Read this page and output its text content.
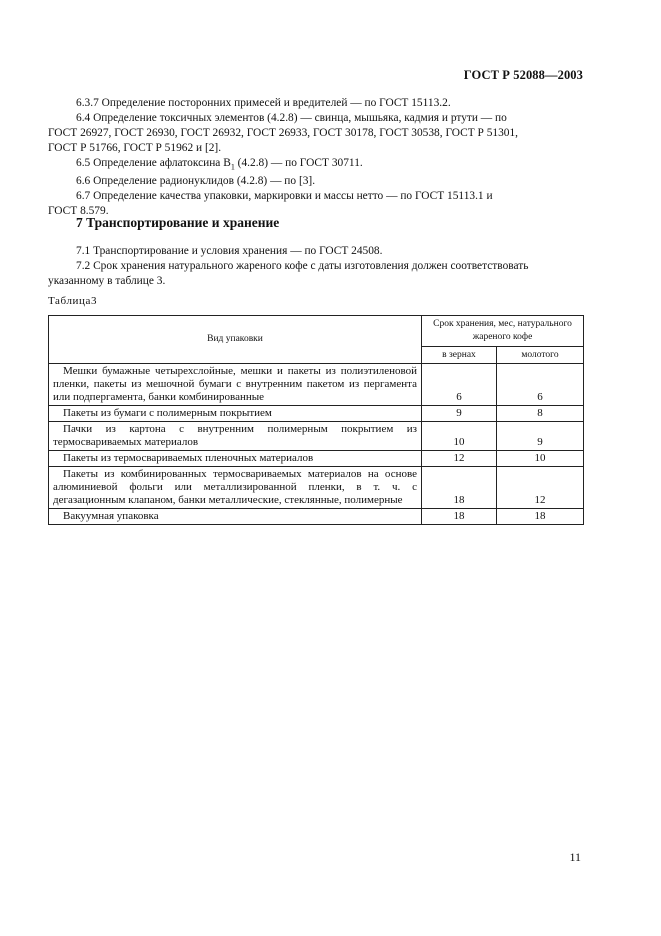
ГОСТ Р 52088—2003

6.3.7 Определение посторонних примесей и вредителей — по ГОСТ 15113.2.

6.4 Определение токсичных элементов (4.2.8) — свинца, мышьяка, кадмия и ртути — по

ГОСТ 26927, ГОСТ 26930, ГОСТ 26932, ГОСТ 26933, ГОСТ 30178, ГОСТ 30538, ГОСТ Р 51301,

ГОСТ Р 51766, ГОСТ Р 51962 и [2].

6.5 Определение афлатоксина $B_1$ (4.2.8) — по ГОСТ 30711.

6.6 Определение радионуклидов (4.2.8) — по [3].

6.7 Определение качества упаковки, маркировки и массы нетто — по ГОСТ 15113.1 и

ГОСТ 8.579.

7 Транспортирование и хранение

7.1 Транспортирование и условия хранения — по ГОСТ 24508.

7.2 Срок хранения натурального жареного кофе с даты изготовления должен соответствовать

указанному в таблице 3.

Таблица3
Вид упаковки	Срок хранения, мес, натурального жареного кофе	
	в зернах	молотого
Мешки бумажные четырехслойные, мешки и пакеты из полиэтиленовой пленки, пакеты из мешочной бумаги с внутренним пакетом из пергамента или подпергамента, банки комбинированные	6	6
Пакеты из бумаги с полимерным покрытием	9	8
Пачки из картона с внутренним полимерным покрытием из термосвариваемых материалов	10	9
Пакеты из термосвариваемых пленочных материалов	12	10
Пакеты из комбинированных термосвариваемых материалов на основе алюминиевой фольги или металлизированной пленки, в т. ч. с дегазационным клапаном, банки металлические, стеклянные, полимерные	18	12
Вакуумная упаковка	18	18
11
